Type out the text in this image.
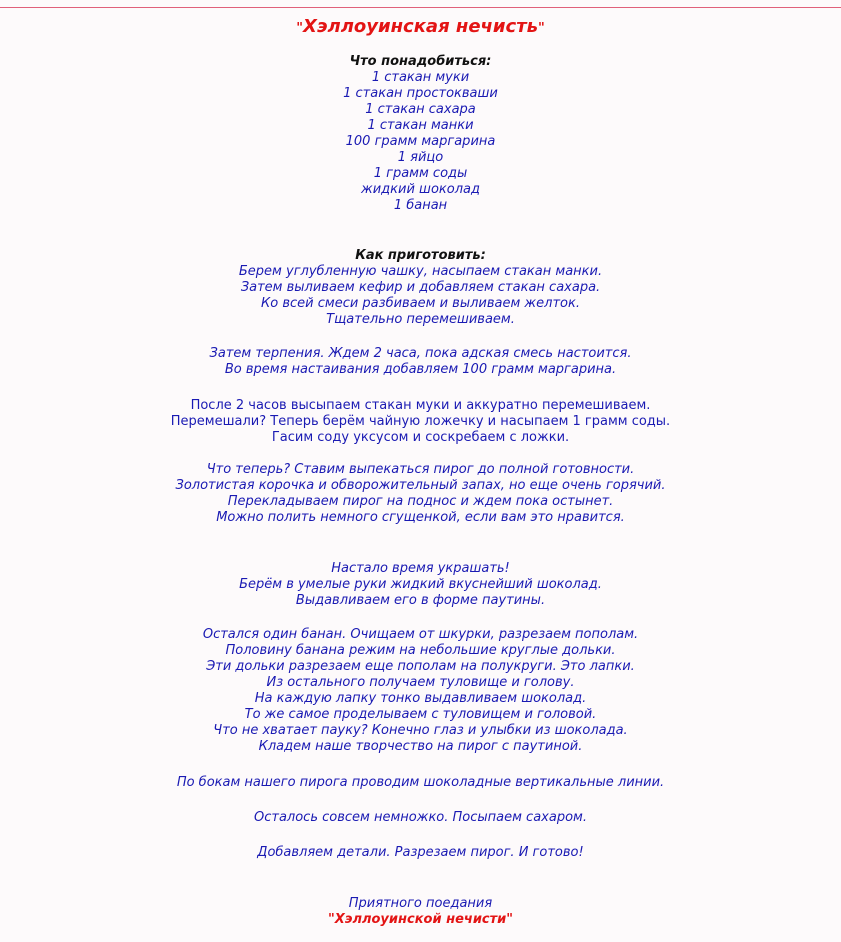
"Хэллоуинская нечисть"
Что понадобиться:
1 стакан муки
1 стакан простокваши
1 стакан сахара
1 стакан манки
100 грамм маргарина
1 яйцо
1 грамм соды
жидкий шоколад
1 банан
Как приготовить:
Берем углубленную чашку, насыпаем стакан манки.
Затем выливаем кефир и добавляем стакан сахара.
Ко всей смеси разбиваем и выливаем желток.
Тщательно перемешиваем.
Затем терпения. Ждем 2 часа, пока адская смесь настоится.
Во время настаивания добавляем 100 грамм маргарина.
После 2 часов высыпаем стакан муки и аккуратно перемешиваем.
Перемешали? Теперь берём чайную ложечку и насыпаем 1 грамм соды.
Гасим соду уксусом и соскребаем с ложки.
Что теперь? Ставим выпекаться пирог до полной готовности.
Золотистая корочка и обворожительный запах, но еще очень горячий.
Перекладываем пирог на поднос и ждем пока остынет.
Можно полить немного сгущенкой, если вам это нравится.
Настало время украшать!
Берём в умелые руки жидкий вкуснейший шоколад.
Выдавливаем его в форме паутины.
Остался один банан. Очищаем от шкурки, разрезаем пополам.
Половину банана режим на небольшие круглые дольки.
Эти дольки разрезаем еще пополам на полукруги. Это лапки.
Из остального получаем туловище и голову.
На каждую лапку тонко выдавливаем шоколад.
То же самое проделываем с туловищем и головой.
Что не хватает пауку? Конечно глаз и улыбки из шоколада.
Кладем наше творчество на пирог с паутиной.
По бокам нашего пирога проводим шоколадные вертикальные линии.
Осталось совсем немножко. Посыпаем сахаром.
Добавляем детали. Разрезаем пирог. И готово!
Приятного поедания
"Хэллоуинской нечисти"
